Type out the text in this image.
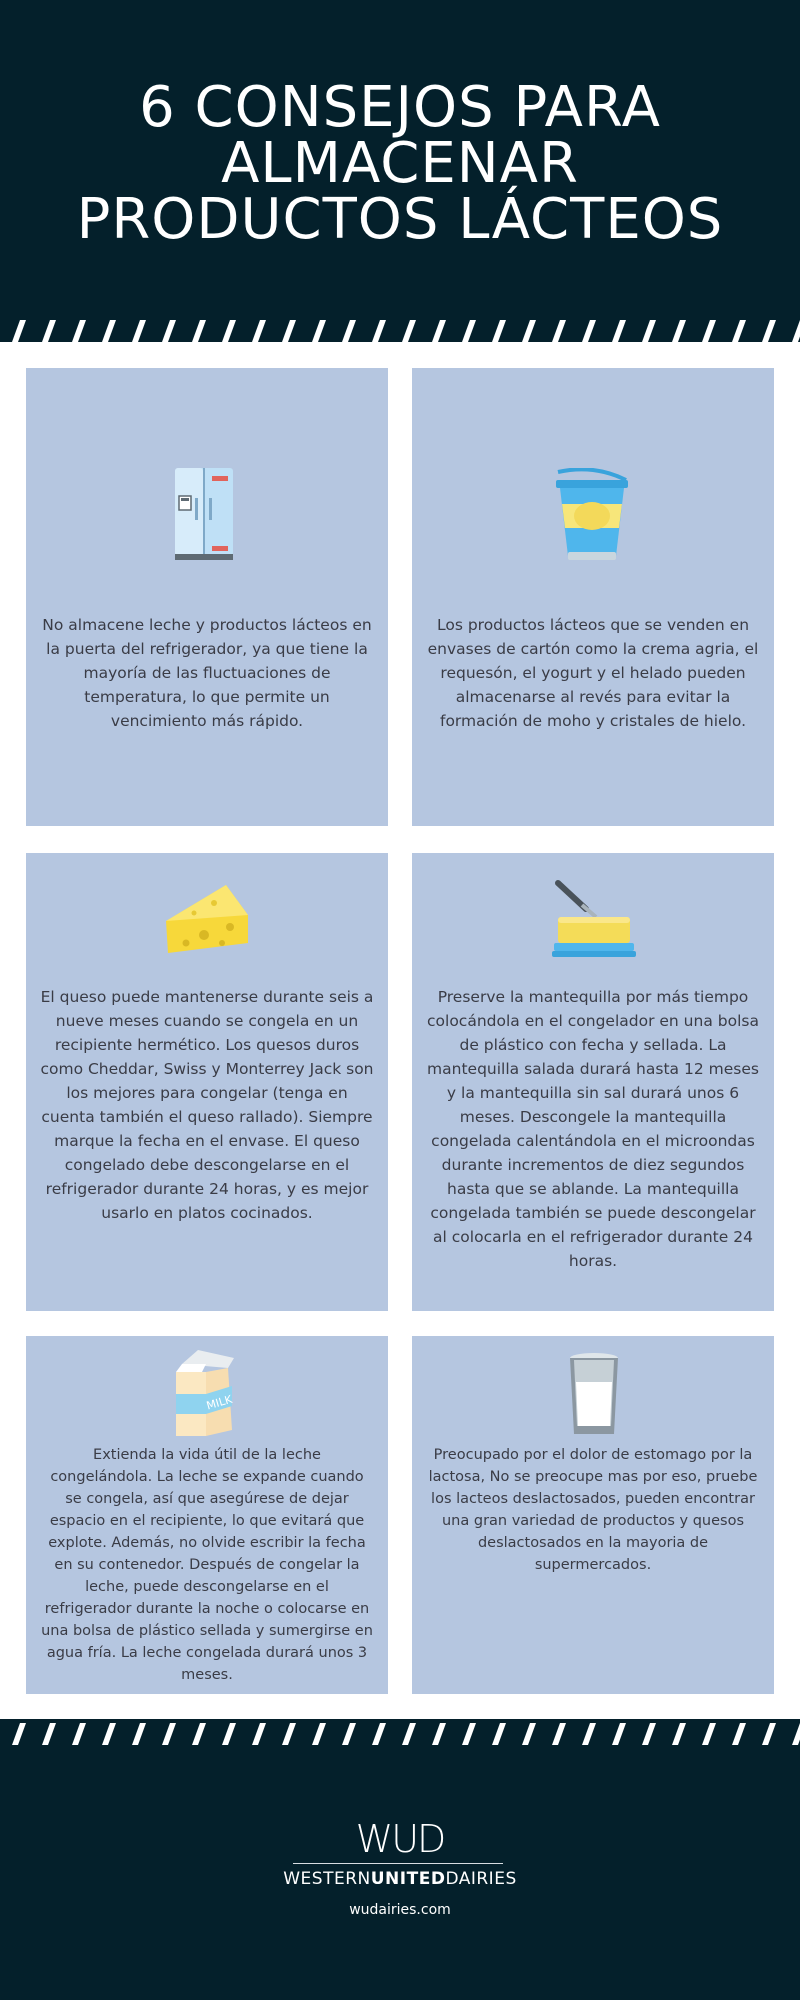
6 CONSEJOS PARA
ALMACENAR
PRODUCTOS LÁCTEOS
No almacene leche y productos lácteos en la puerta del refrigerador, ya que tiene la mayoría de las fluctuaciones de temperatura, lo que permite un vencimiento más rápido.
Los productos lácteos que se venden en envases de cartón como la crema agria, el requesón, el yogurt y el helado pueden almacenarse al revés para evitar la formación de moho y cristales de hielo.
El queso puede mantenerse durante seis a nueve meses cuando se congela en un recipiente hermético. Los quesos duros como Cheddar, Swiss y Monterrey Jack son los mejores para congelar (tenga en cuenta también el queso rallado). Siempre marque la fecha en el envase. El queso congelado debe descongelarse en el refrigerador durante 24 horas, y es mejor usarlo en platos cocinados.
Preserve la mantequilla por más tiempo colocándola en el congelador en una bolsa de plástico con fecha y sellada. La mantequilla salada durará hasta 12 meses y la mantequilla sin sal durará unos 6 meses. Descongele la mantequilla congelada calentándola en el microondas durante incrementos de diez segundos hasta que se ablande. La mantequilla congelada también se puede descongelar al colocarla en el refrigerador durante 24 horas.
MILK
Extienda la vida útil de la leche congelándola. La leche se expande cuando se congela, así que asegúrese de dejar espacio en el recipiente, lo que evitará que explote. Además, no olvide escribir la fecha en su contenedor. Después de congelar la leche, puede descongelarse en el refrigerador durante la noche o colocarse en una bolsa de plástico sellada y sumergirse en agua fría. La leche congelada durará unos 3 meses.
Preocupado por el dolor de estomago por la lactosa, No se preocupe mas por eso, pruebe los lacteos deslactosados, pueden encontrar una gran variedad de productos y quesos deslactosados en la mayoria de supermercados.
WUD
WESTERNUNITEDDAIRIES
wudairies.com
